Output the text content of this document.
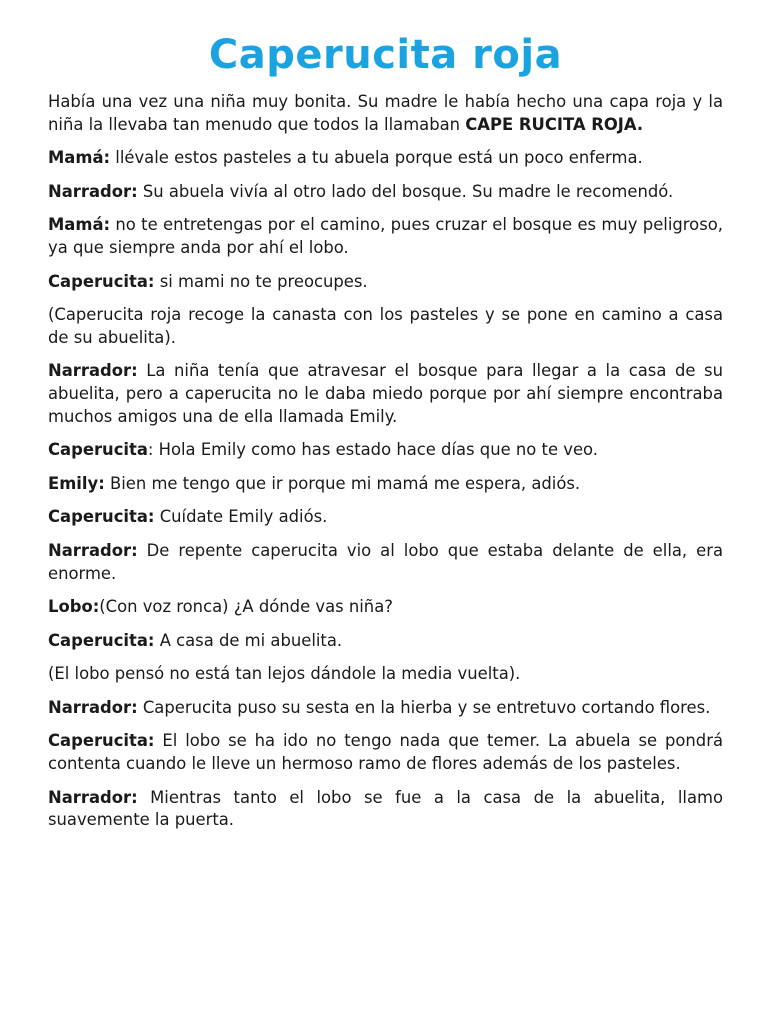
Caperucita roja

Había una vez una niña muy bonita. Su madre le había hecho una capa roja y la niña la llevaba tan menudo que todos la llamaban CAPE RUCITA ROJA.

Mamá: llévale estos pasteles a tu abuela porque está un poco enferma.

Narrador: Su abuela vivía al otro lado del bosque. Su madre le recomendó.

Mamá: no te entretengas por el camino, pues cruzar el bosque es muy peligroso, ya que siempre anda por ahí el lobo.

Caperucita: si mami no te preocupes.

(Caperucita roja recoge la canasta con los pasteles y se pone en camino a casa de su abuelita).

Narrador: La niña tenía que atravesar el bosque para llegar a la casa de su abuelita, pero a caperucita no le daba miedo porque por ahí siempre encontraba muchos amigos una de ella llamada Emily.

Caperucita: Hola Emily como has estado hace días que no te veo.

Emily: Bien me tengo que ir porque mi mamá me espera, adiós.

Caperucita: Cuídate Emily adiós.

Narrador: De repente caperucita vio al lobo que estaba delante de ella, era enorme.

Lobo:(Con voz ronca) ¿A dónde vas niña?

Caperucita: A casa de mi abuelita.

(El lobo pensó no está tan lejos dándole la media vuelta).

Narrador: Caperucita puso su sesta en la hierba y se entretuvo cortando flores.

Caperucita: El lobo se ha ido no tengo nada que temer. La abuela se pondrá contenta cuando le lleve un hermoso ramo de flores además de los pasteles.

Narrador: Mientras tanto el lobo se fue a la casa de la abuelita, llamo suavemente la puerta.
